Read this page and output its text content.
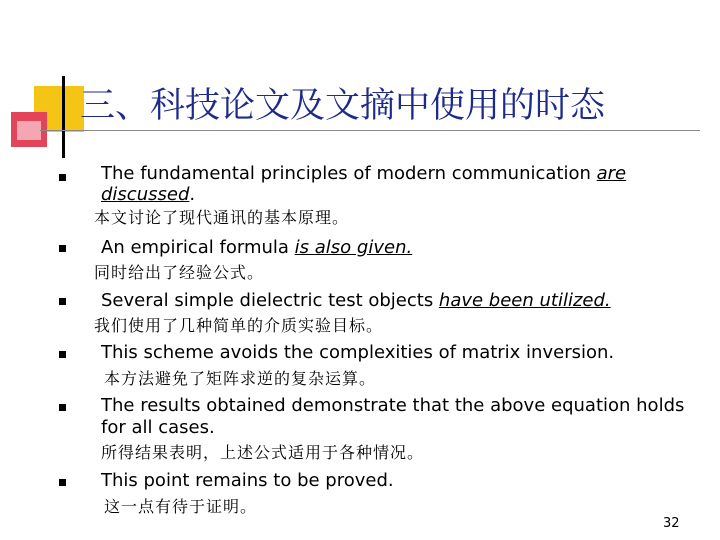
三、科技论文及文摘中使用的时态
The fundamental principles of modern communication are
discussed.
本文讨论了现代通讯的基本原理。
An empirical formula is also given.
同时给出了经验公式。
Several simple dielectric test objects have been utilized.
我们使用了几种简单的介质实验目标。
This scheme avoids the complexities of matrix inversion.
本方法避免了矩阵求逆的复杂运算。
The results obtained demonstrate that the above equation holds
for all cases.
所得结果表明，上述公式适用于各种情况。
This point remains to be proved.
这一点有待于证明。
32
